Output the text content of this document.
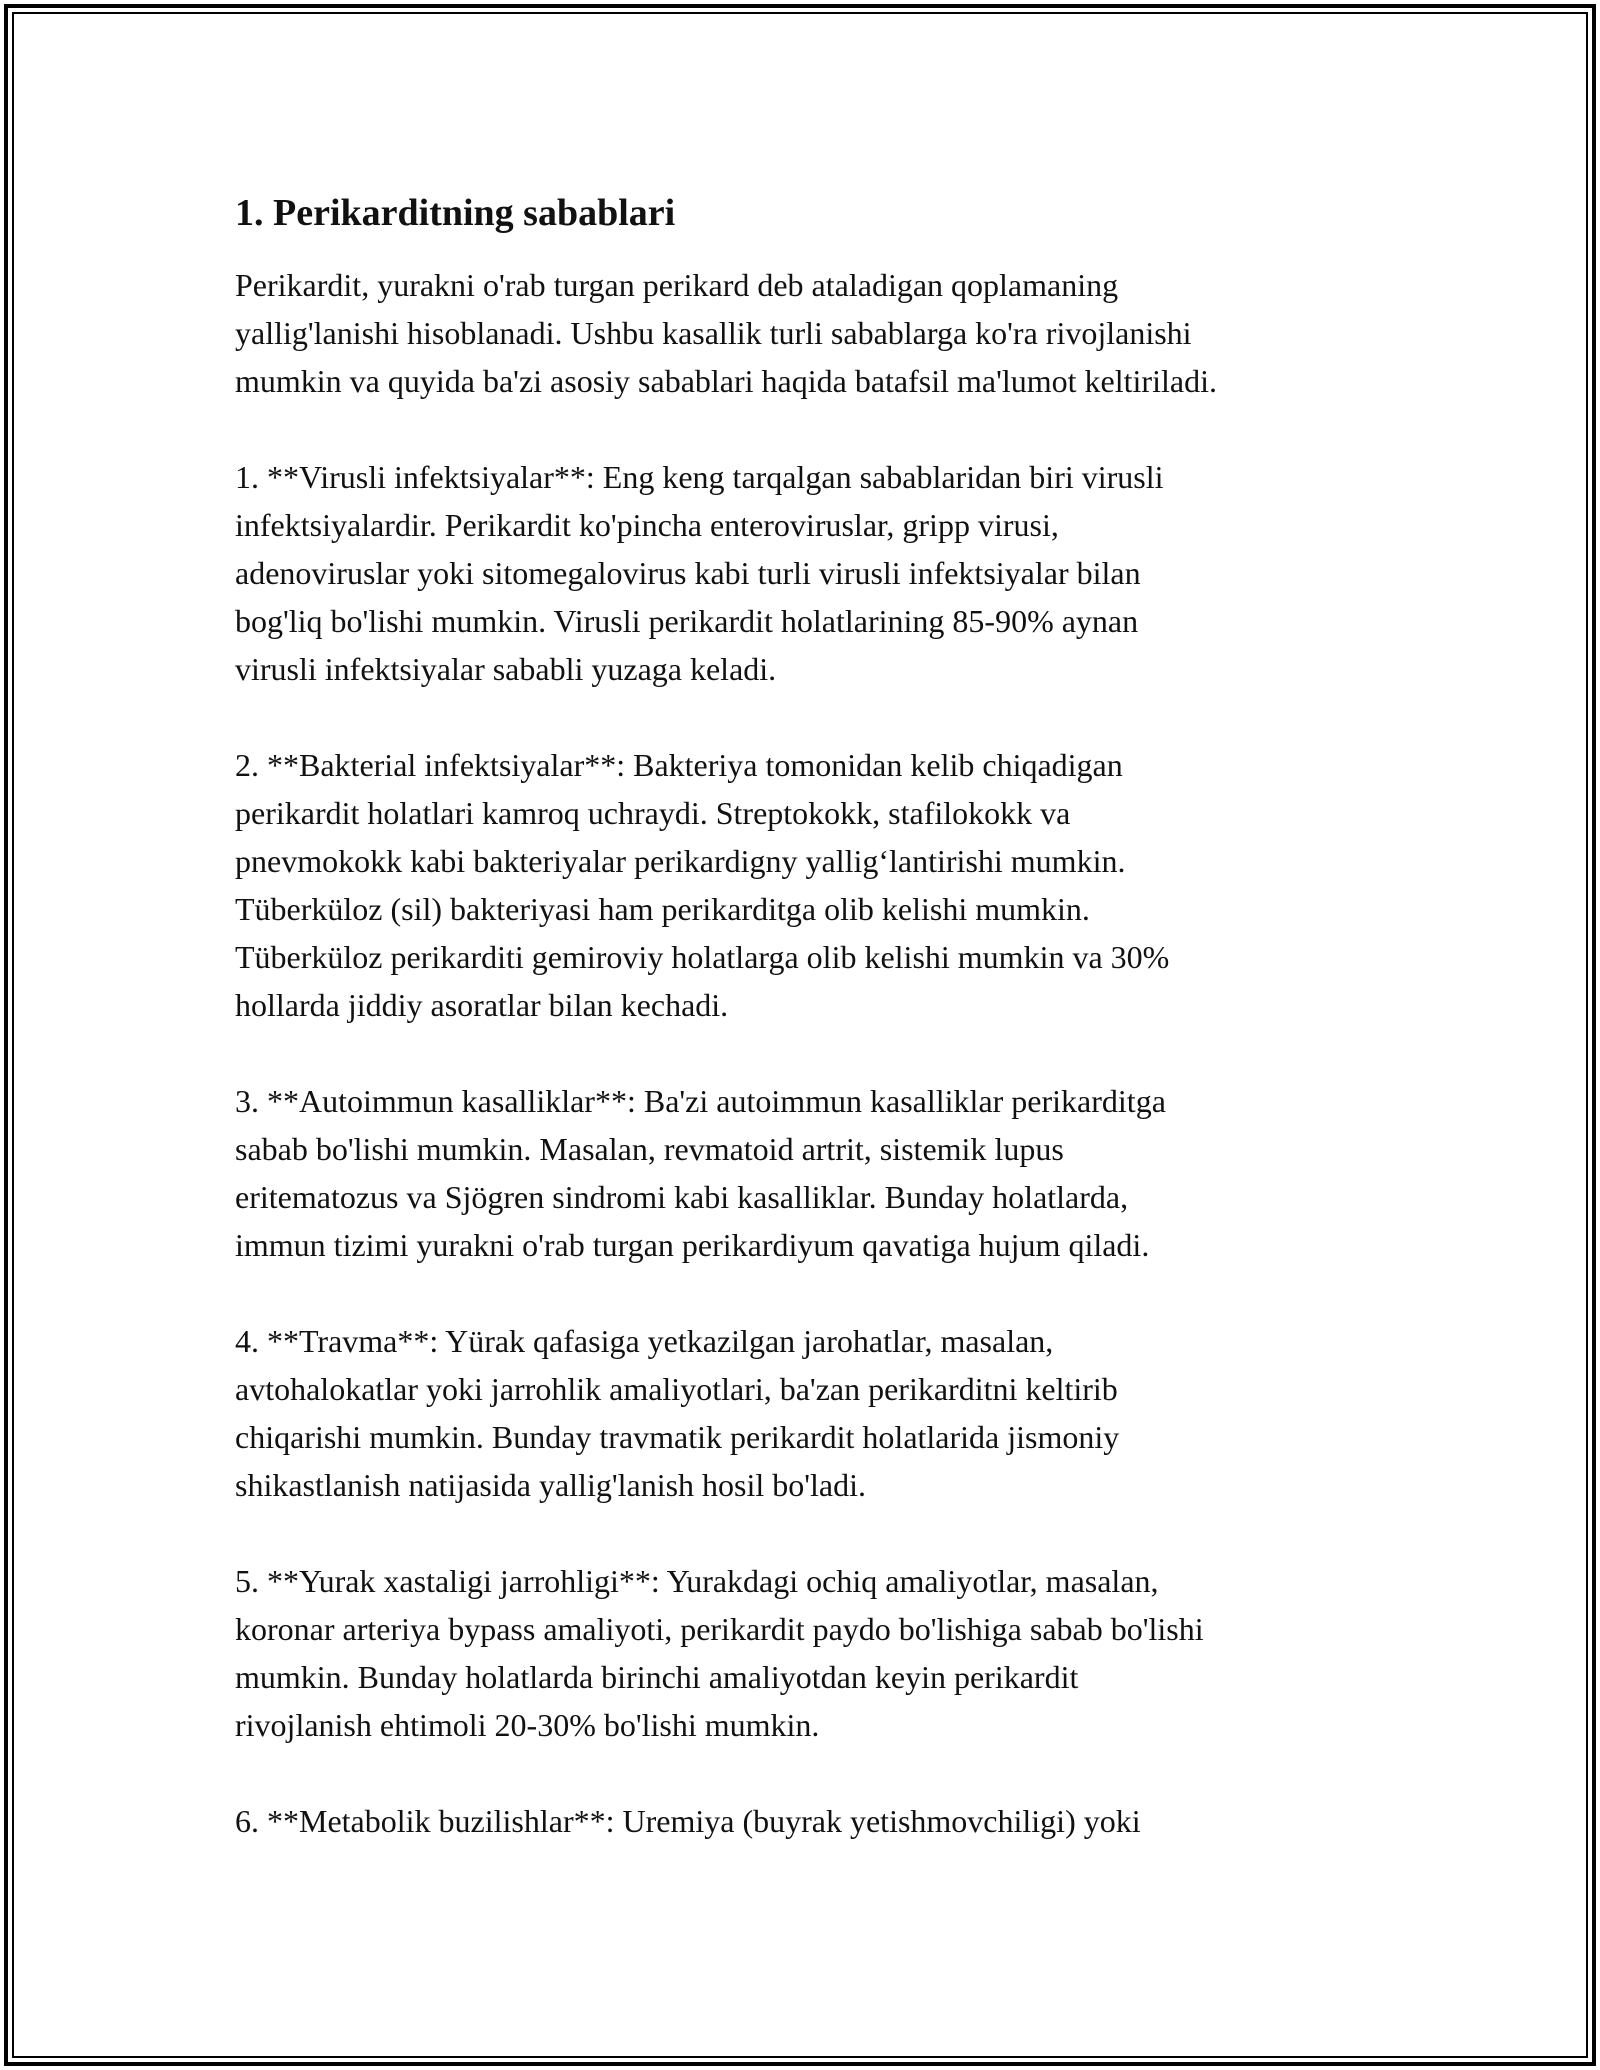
1. Perikarditning sabablari

Perikardit, yurakni o'rab turgan perikard deb ataladigan qoplamaning
yallig'lanishi hisoblanadi. Ushbu kasallik turli sabablarga ko'ra rivojlanishi
mumkin va quyida ba'zi asosiy sabablari haqida batafsil ma'lumot keltiriladi.

1. **Virusli infektsiyalar**: Eng keng tarqalgan sabablaridan biri virusli
infektsiyalardir. Perikardit ko'pincha enteroviruslar, gripp virusi,
adenoviruslar yoki sitomegalovirus kabi turli virusli infektsiyalar bilan
bog'liq bo'lishi mumkin. Virusli perikardit holatlarining 85-90% aynan
virusli infektsiyalar sababli yuzaga keladi.

2. **Bakterial infektsiyalar**: Bakteriya tomonidan kelib chiqadigan
perikardit holatlari kamroq uchraydi. Streptokokk, stafilokokk va
pnevmokokk kabi bakteriyalar perikardigny yallig‘lantirishi mumkin.
Tüberküloz (sil) bakteriyasi ham perikarditga olib kelishi mumkin.
Tüberküloz perikarditi gemiroviy holatlarga olib kelishi mumkin va 30%
hollarda jiddiy asoratlar bilan kechadi.

3. **Autoimmun kasalliklar**: Ba'zi autoimmun kasalliklar perikarditga
sabab bo'lishi mumkin. Masalan, revmatoid artrit, sistemik lupus
eritematozus va Sjögren sindromi kabi kasalliklar. Bunday holatlarda,
immun tizimi yurakni o'rab turgan perikardiyum qavatiga hujum qiladi.

4. **Travma**: Yürak qafasiga yetkazilgan jarohatlar, masalan,
avtohalokatlar yoki jarrohlik amaliyotlari, ba'zan perikarditni keltirib
chiqarishi mumkin. Bunday travmatik perikardit holatlarida jismoniy
shikastlanish natijasida yallig'lanish hosil bo'ladi.

5. **Yurak xastaligi jarrohligi**: Yurakdagi ochiq amaliyotlar, masalan,
koronar arteriya bypass amaliyoti, perikardit paydo bo'lishiga sabab bo'lishi
mumkin. Bunday holatlarda birinchi amaliyotdan keyin perikardit
rivojlanish ehtimoli 20-30% bo'lishi mumkin.

6. **Metabolik buzilishlar**: Uremiya (buyrak yetishmovchiligi) yoki
